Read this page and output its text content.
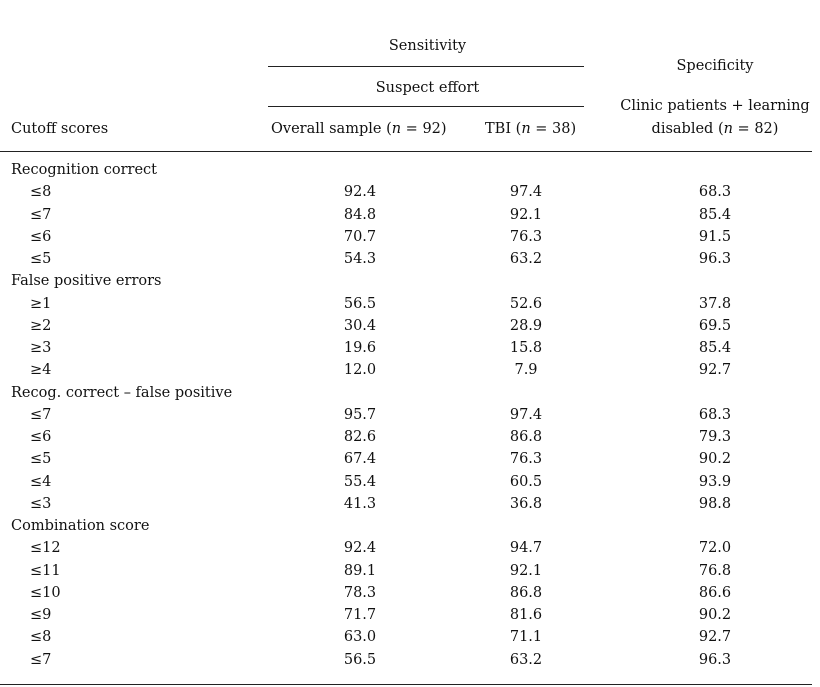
Sensitivity
Suspect effort
Specificity
Cutoff scores	Overall sample (n = 92)	TBI (n = 38)
Clinic patients + learning
disabled (n = 82)
Recognition correct
≤8	92.4	97.4	68.3
≤7	84.8	92.1	85.4
≤6	70.7	76.3	91.5
≤5	54.3	63.2	96.3
False positive errors
≥1	56.5	52.6	37.8
≥2	30.4	28.9	69.5
≥3	19.6	15.8	85.4
≥4	12.0	7.9	92.7
Recog. correct – false positive
≤7	95.7	97.4	68.3
≤6	82.6	86.8	79.3
≤5	67.4	76.3	90.2
≤4	55.4	60.5	93.9
≤3	41.3	36.8	98.8
Combination score
≤12	92.4	94.7	72.0
≤11	89.1	92.1	76.8
≤10	78.3	86.8	86.6
≤9	71.7	81.6	90.2
≤8	63.0	71.1	92.7
≤7	56.5	63.2	96.3
